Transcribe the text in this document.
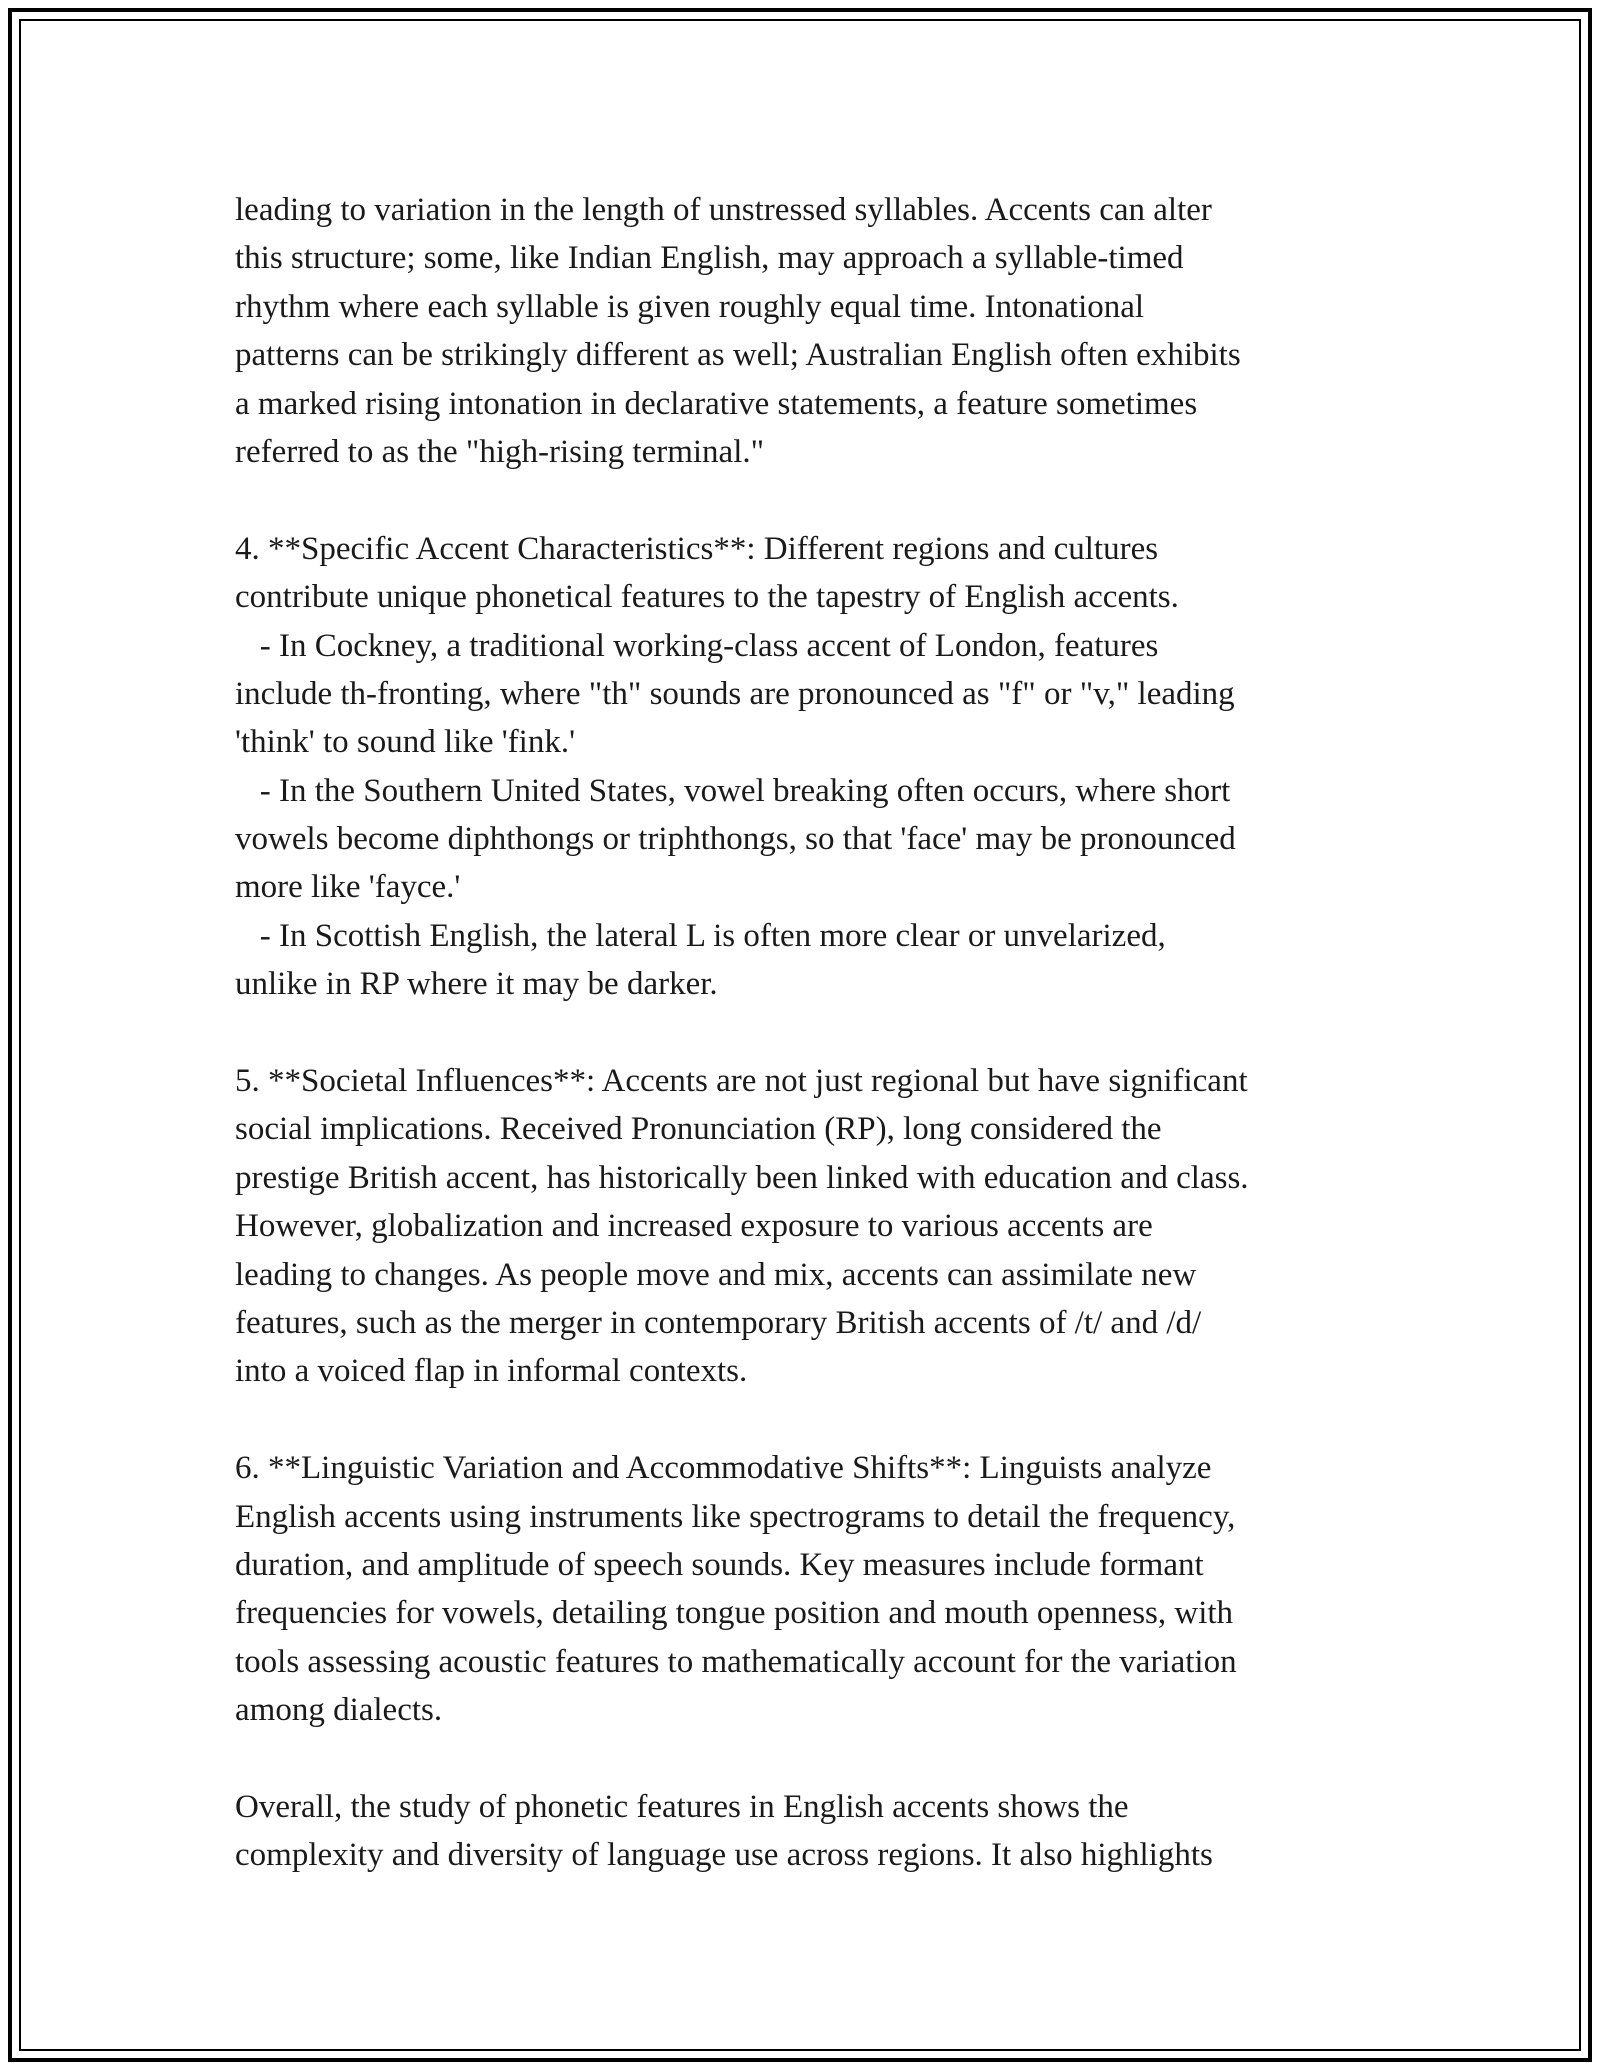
leading to variation in the length of unstressed syllables. Accents can alter
this structure; some, like Indian English, may approach a syllable-timed
rhythm where each syllable is given roughly equal time. Intonational
patterns can be strikingly different as well; Australian English often exhibits
a marked rising intonation in declarative statements, a feature sometimes
referred to as the "high-rising terminal."
4. **Specific Accent Characteristics**: Different regions and cultures
contribute unique phonetical features to the tapestry of English accents.
- In Cockney, a traditional working-class accent of London, features
include th-fronting, where "th" sounds are pronounced as "f" or "v," leading
'think' to sound like 'fink.'
- In the Southern United States, vowel breaking often occurs, where short
vowels become diphthongs or triphthongs, so that 'face' may be pronounced
more like 'fayce.'
- In Scottish English, the lateral L is often more clear or unvelarized,
unlike in RP where it may be darker.
5. **Societal Influences**: Accents are not just regional but have significant
social implications. Received Pronunciation (RP), long considered the
prestige British accent, has historically been linked with education and class.
However, globalization and increased exposure to various accents are
leading to changes. As people move and mix, accents can assimilate new
features, such as the merger in contemporary British accents of /t/ and /d/
into a voiced flap in informal contexts.
6. **Linguistic Variation and Accommodative Shifts**: Linguists analyze
English accents using instruments like spectrograms to detail the frequency,
duration, and amplitude of speech sounds. Key measures include formant
frequencies for vowels, detailing tongue position and mouth openness, with
tools assessing acoustic features to mathematically account for the variation
among dialects.
Overall, the study of phonetic features in English accents shows the
complexity and diversity of language use across regions. It also highlights
